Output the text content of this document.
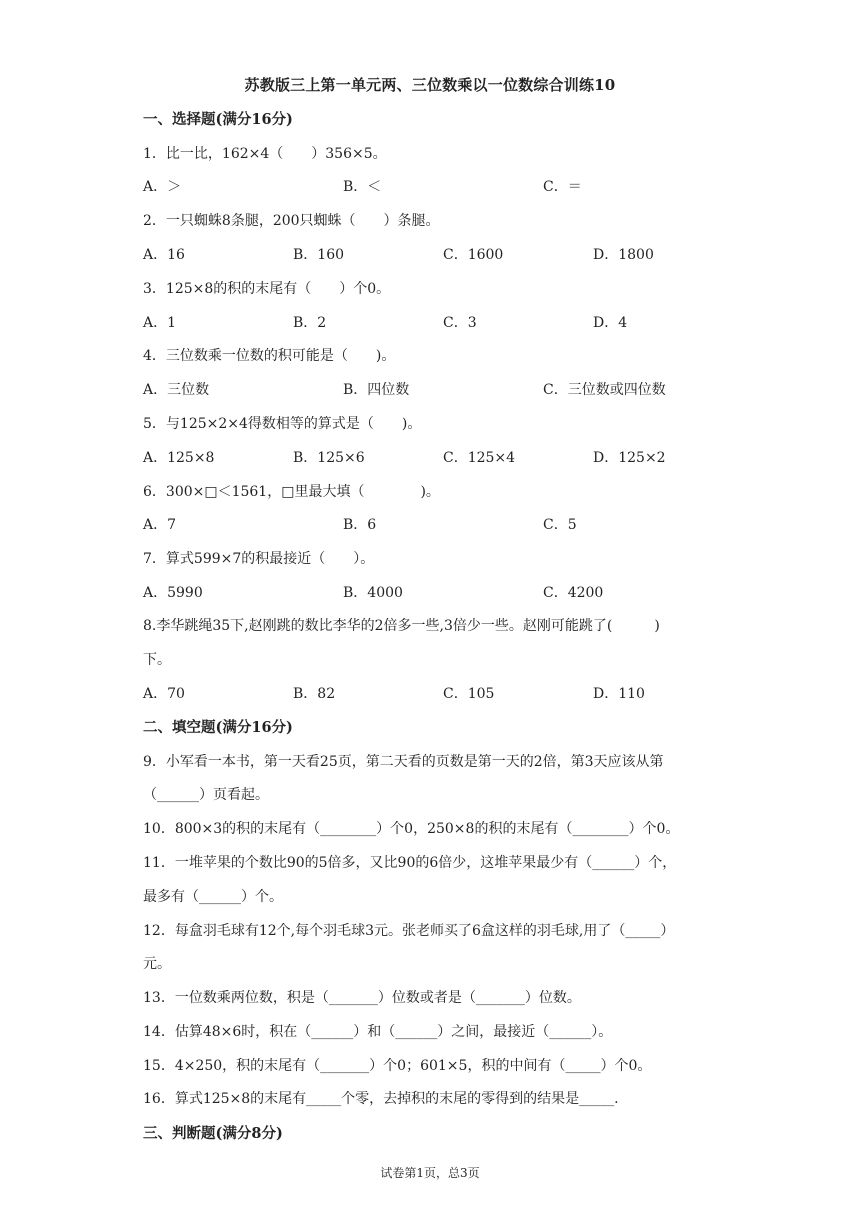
苏教版三上第一单元两、三位数乘以一位数综合训练10
一、选择题(满分16分)
1．比一比，162×4（　　）356×5。
A．＞	B．＜	C．＝
2．一只蜘蛛8条腿，200只蜘蛛（　　）条腿。
A．16	B．160	C．1600	D．1800
3．125×8的积的末尾有（　　）个0。
A．1	B．2	C．3	D．4
4．三位数乘一位数的积可能是（　　)。
A．三位数	B．四位数	C．三位数或四位数
5．与125×2×4得数相等的算式是（　　)。
A．125×8	B．125×6	C．125×4	D．125×2
6．300×□＜1561，□里最大填（　　　　)。
A．7	B．6	C．5
7．算式599×7的积最接近（　　）。
A．5990	B．4000	C．4200
8.李华跳绳35下,赵刚跳的数比李华的2倍多一些,3倍少一些。赵刚可能跳了(　　　)
下。
A．70	B．82	C．105	D．110
二、填空题(满分16分)
9．小军看一本书，第一天看25页，第二天看的页数是第一天的2倍，第3天应该从第
（______）页看起。
10．800×3的积的末尾有（________）个0，250×8的积的末尾有（________）个0。
11．一堆苹果的个数比90的5倍多，又比90的6倍少，这堆苹果最少有（______）个，
最多有（______）个。
12．每盒羽毛球有12个,每个羽毛球3元。张老师买了6盒这样的羽毛球,用了（_____）
元。
13．一位数乘两位数，积是（_______）位数或者是（_______）位数。
14．估算48×6时，积在（______）和（______）之间，最接近（______）。
15．4×250，积的末尾有（_______）个0；601×5，积的中间有（_____）个0。
16．算式125×8的末尾有_____个零，去掉积的末尾的零得到的结果是_____.
三、判断题(满分8分)
试卷第1页，总3页
